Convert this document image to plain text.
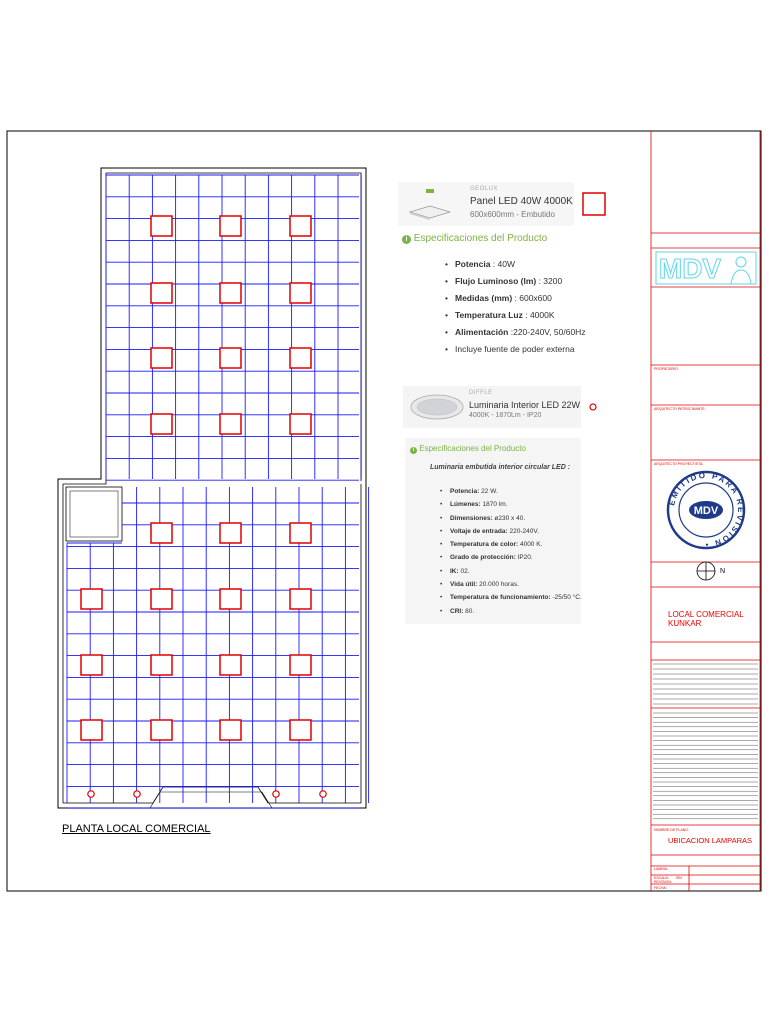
EMITIDO PARA REVISION •
MDV
MDV
GEOLUX
Panel LED 40W 4000K
600x600mm - Embutido
i Especificaciones del Producto
• Potencia : 40W
• Flujo Luminoso (lm) : 3200
• Medidas (mm) : 600x600
• Temperatura Luz : 4000K
• Alimentación :220-240V, 50/60Hz
• Incluye fuente de poder externa
DIFFLE
Luminaria Interior LED 22W
4000K - 1870Lm - IP20
i Especificaciones del Producto
Luminaria embutida interior circular LED :
• Potencia: 22 W.
• Lúmenes: 1870 lm.
• Dimensiones: ø230 x 40.
• Voltaje de entrada: 220-240V.
• Temperatura de color: 4000 K.
• Grado de protección: IP20.
• IK: 02.
• Vida útil: 20.000 horas.
• Temperatura de funcionamiento: -25/50 °C.
• CRI: 80.
PLANTA LOCAL COMERCIAL
PROPIETARIO:
ARQUITECTO PATROCINANTE:
ARQUITECTO PROYECTISTA:
N
LOCAL COMERCIAL
KUNKAR
NOMBRE DE PLANO:
UBICACION LAMPARAS
LAMINA:
ESCALA: SIN
REVISION:
FECHA:
